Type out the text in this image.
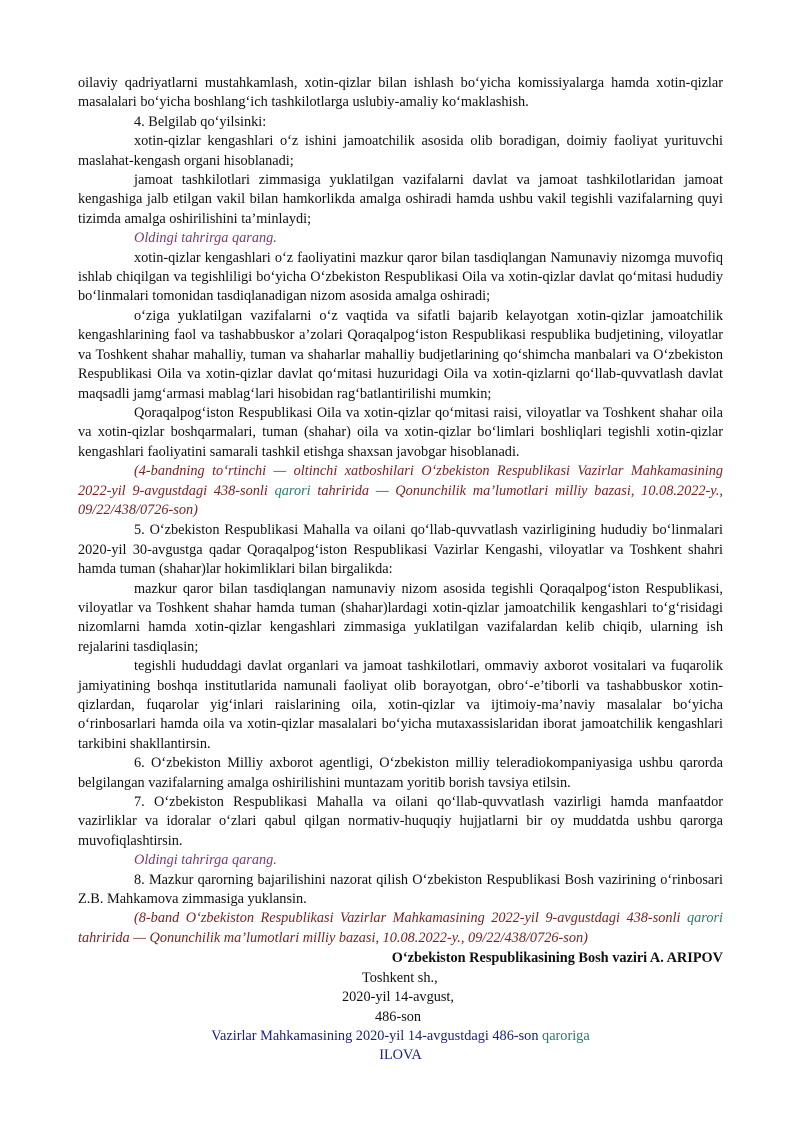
oilaviy qadriyatlarni mustahkamlash, xotin-qizlar bilan ishlash bo‘yicha komissiyalarga hamda xotin-qizlar masalalari bo‘yicha boshlang‘ich tashkilotlarga uslubiy-amaliy ko‘maklashish.

4. Belgilab qo‘yilsinki:

xotin-qizlar kengashlari o‘z ishini jamoatchilik asosida olib boradigan, doimiy faoliyat yurituvchi maslahat-kengash organi hisoblanadi;

jamoat tashkilotlari zimmasiga yuklatilgan vazifalarni davlat va jamoat tashkilotlaridan jamoat kengashiga jalb etilgan vakil bilan hamkorlikda amalga oshiradi hamda ushbu vakil tegishli vazifalarning quyi tizimda amalga oshirilishini ta’minlaydi;

Oldingi tahrirga qarang.

xotin-qizlar kengashlari o‘z faoliyatini mazkur qaror bilan tasdiqlangan Namunaviy nizomga muvofiq ishlab chiqilgan va tegishliligi bo‘yicha O‘zbekiston Respublikasi Oila va xotin-qizlar davlat qo‘mitasi hududiy bo‘linmalari tomonidan tasdiqlanadigan nizom asosida amalga oshiradi;

o‘ziga yuklatilgan vazifalarni o‘z vaqtida va sifatli bajarib kelayotgan xotin-qizlar jamoatchilik kengashlarining faol va tashabbuskor a’zolari Qoraqalpog‘iston Respublikasi respublika budjetining, viloyatlar va Toshkent shahar mahalliy, tuman va shaharlar mahalliy budjetlarining qo‘shimcha manbalari va O‘zbekiston Respublikasi Oila va xotin-qizlar davlat qo‘mitasi huzuridagi Oila va xotin-qizlarni qo‘llab-quvvatlash davlat maqsadli jamg‘armasi mablag‘lari hisobidan rag‘batlantirilishi mumkin;

Qoraqalpog‘iston Respublikasi Oila va xotin-qizlar qo‘mitasi raisi, viloyatlar va Toshkent shahar oila va xotin-qizlar boshqarmalari, tuman (shahar) oila va xotin-qizlar bo‘limlari boshliqlari tegishli xotin-qizlar kengashlari faoliyatini samarali tashkil etishga shaxsan javobgar hisoblanadi.

(4-bandning to‘rtinchi — oltinchi xatboshilari O‘zbekiston Respublikasi Vazirlar Mahkamasining 2022-yil 9-avgustdagi 438-sonli qarori tahririda — Qonunchilik ma’lumotlari milliy bazasi, 10.08.2022-y., 09/22/438/0726-son)

5. O‘zbekiston Respublikasi Mahalla va oilani qo‘llab-quvvatlash vazirligining hududiy bo‘linmalari 2020-yil 30-avgustga qadar Qoraqalpog‘iston Respublikasi Vazirlar Kengashi, viloyatlar va Toshkent shahri hamda tuman (shahar)lar hokimliklari bilan birgalikda:

mazkur qaror bilan tasdiqlangan namunaviy nizom asosida tegishli Qoraqalpog‘iston Respublikasi, viloyatlar va Toshkent shahar hamda tuman (shahar)lardagi xotin-qizlar jamoatchilik kengashlari to‘g‘risidagi nizomlarni hamda xotin-qizlar kengashlari zimmasiga yuklatilgan vazifalardan kelib chiqib, ularning ish rejalarini tasdiqlasin;

tegishli hududdagi davlat organlari va jamoat tashkilotlari, ommaviy axborot vositalari va fuqarolik jamiyatining boshqa institutlarida namunali faoliyat olib borayotgan, obro‘-e’tiborli va tashabbuskor xotin-qizlardan, fuqarolar yig‘inlari raislarining oila, xotin-qizlar va ijtimoiy-ma’naviy masalalar bo‘yicha o‘rinbosarlari hamda oila va xotin-qizlar masalalari bo‘yicha mutaxassislaridan iborat jamoatchilik kengashlari tarkibini shakllantirsin.

6. O‘zbekiston Milliy axborot agentligi, O‘zbekiston milliy teleradiokompaniyasiga ushbu qarorda belgilangan vazifalarning amalga oshirilishini muntazam yoritib borish tavsiya etilsin.

7. O‘zbekiston Respublikasi Mahalla va oilani qo‘llab-quvvatlash vazirligi hamda manfaatdor vazirliklar va idoralar o‘zlari qabul qilgan normativ-huquqiy hujjatlarni bir oy muddatda ushbu qarorga muvofiqlashtirsin.

Oldingi tahrirga qarang.

8. Mazkur qarorning bajarilishini nazorat qilish O‘zbekiston Respublikasi Bosh vazirining o‘rinbosari Z.B. Mahkamova zimmasiga yuklansin.

(8-band O‘zbekiston Respublikasi Vazirlar Mahkamasining 2022-yil 9-avgustdagi 438-sonli qarori tahririda — Qonunchilik ma’lumotlari milliy bazasi, 10.08.2022-y., 09/22/438/0726-son)

O‘zbekiston Respublikasining Bosh vaziri A. ARIPOV

Toshkent sh.,

2020-yil 14-avgust,

486-son

Vazirlar Mahkamasining 2020-yil 14-avgustdagi 486-son qaroriga

ILOVA
